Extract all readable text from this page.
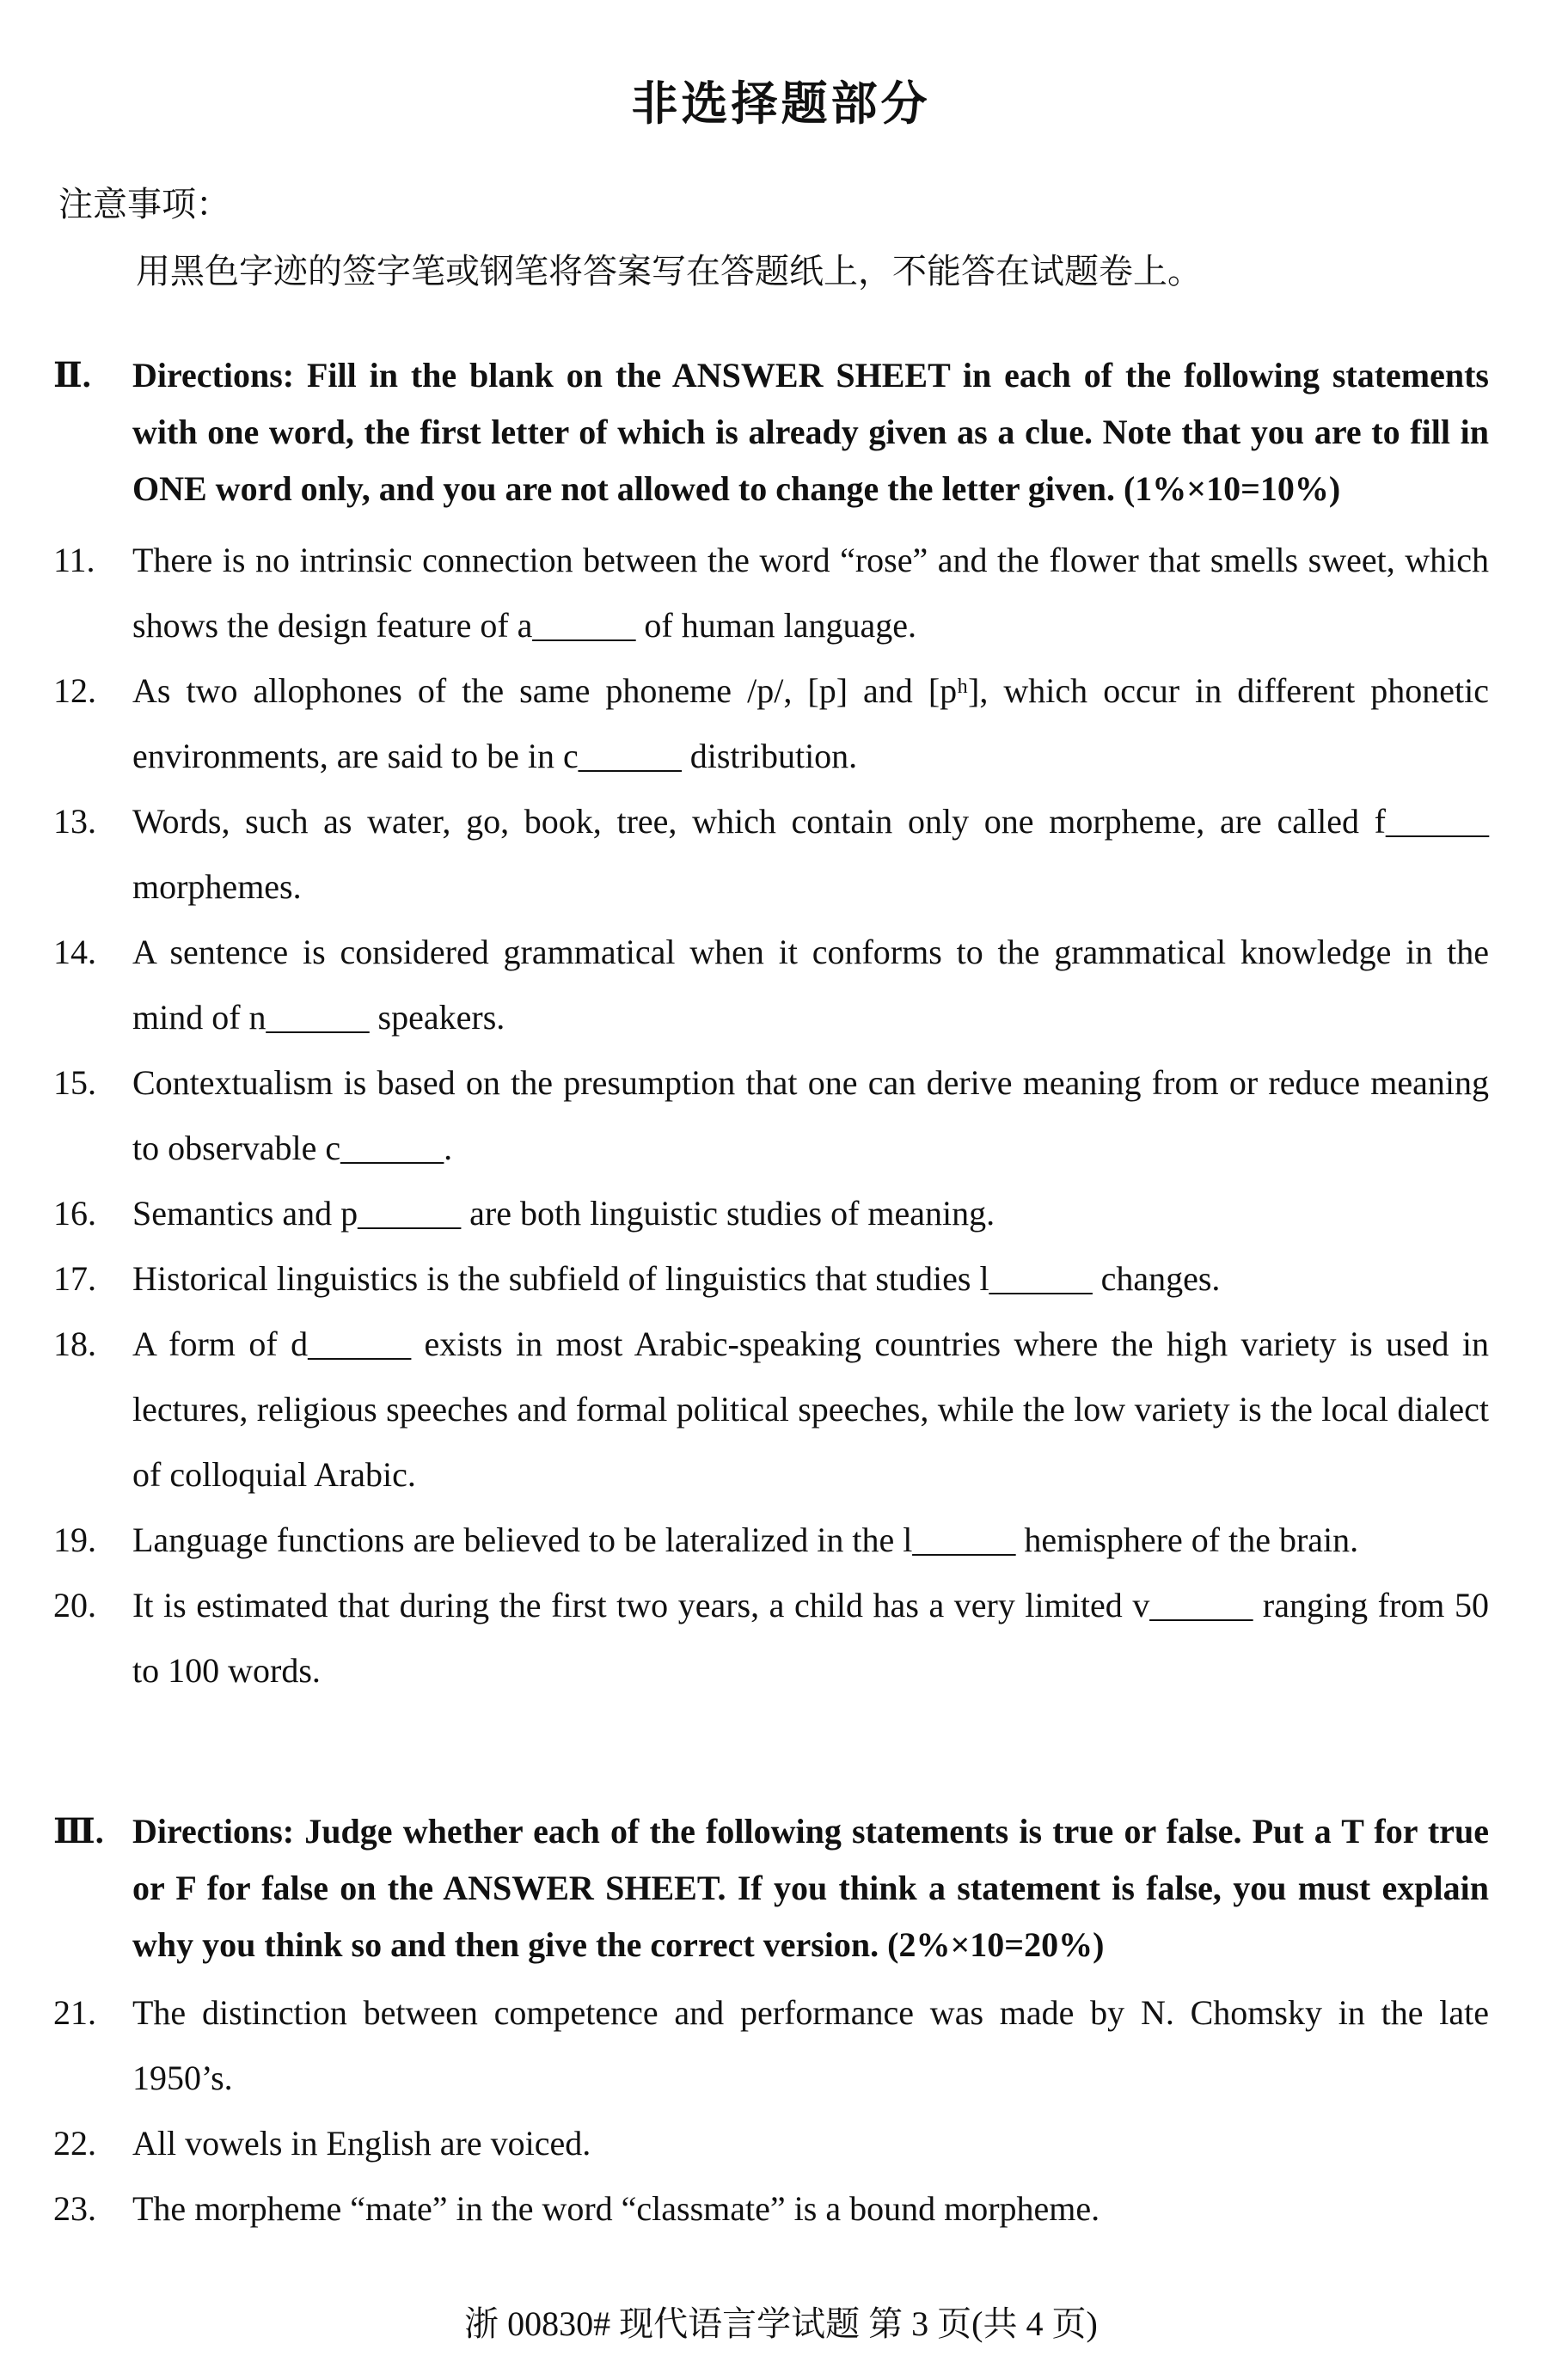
非选择题部分
注意事项：
用黑色字迹的签字笔或钢笔将答案写在答题纸上，不能答在试题卷上。
Ⅱ.	Directions: Fill in the blank on the ANSWER SHEET in each of the following statements with one word, the first letter of which is already given as a clue. Note that you are to fill in ONE word only, and you are not allowed to change the letter given. (1%×10=10%)
11.	There is no intrinsic connection between the word “rose” and the flower that smells sweet, which shows the design feature of a______ of human language.
12.	As two allophones of the same phoneme /p/, [p] and [pʰ], which occur in different phonetic environments, are said to be in c______ distribution.
13.	Words, such as water, go, book, tree, which contain only one morpheme, are called f______ morphemes.
14.	A sentence is considered grammatical when it conforms to the grammatical knowledge in the mind of n______ speakers.
15.	Contextualism is based on the presumption that one can derive meaning from or reduce meaning to observable c______.
16.	Semantics and p______ are both linguistic studies of meaning.
17.	Historical linguistics is the subfield of linguistics that studies l______ changes.
18.	A form of d______ exists in most Arabic-speaking countries where the high variety is used in lectures, religious speeches and formal political speeches, while the low variety is the local dialect of colloquial Arabic.
19.	Language functions are believed to be lateralized in the l______ hemisphere of the brain.
20.	It is estimated that during the first two years, a child has a very limited v______ ranging from 50 to 100 words.
Ⅲ. Directions: Judge whether each of the following statements is true or false. Put a T for true or F for false on the ANSWER SHEET. If you think a statement is false, you must explain why you think so and then give the correct version. (2%×10=20%)
21.	The distinction between competence and performance was made by N. Chomsky in the late 1950’s.
22.	All vowels in English are voiced.
23.	The morpheme “mate” in the word “classmate” is a bound morpheme.
浙 00830# 现代语言学试题 第 3 页(共 4 页)
